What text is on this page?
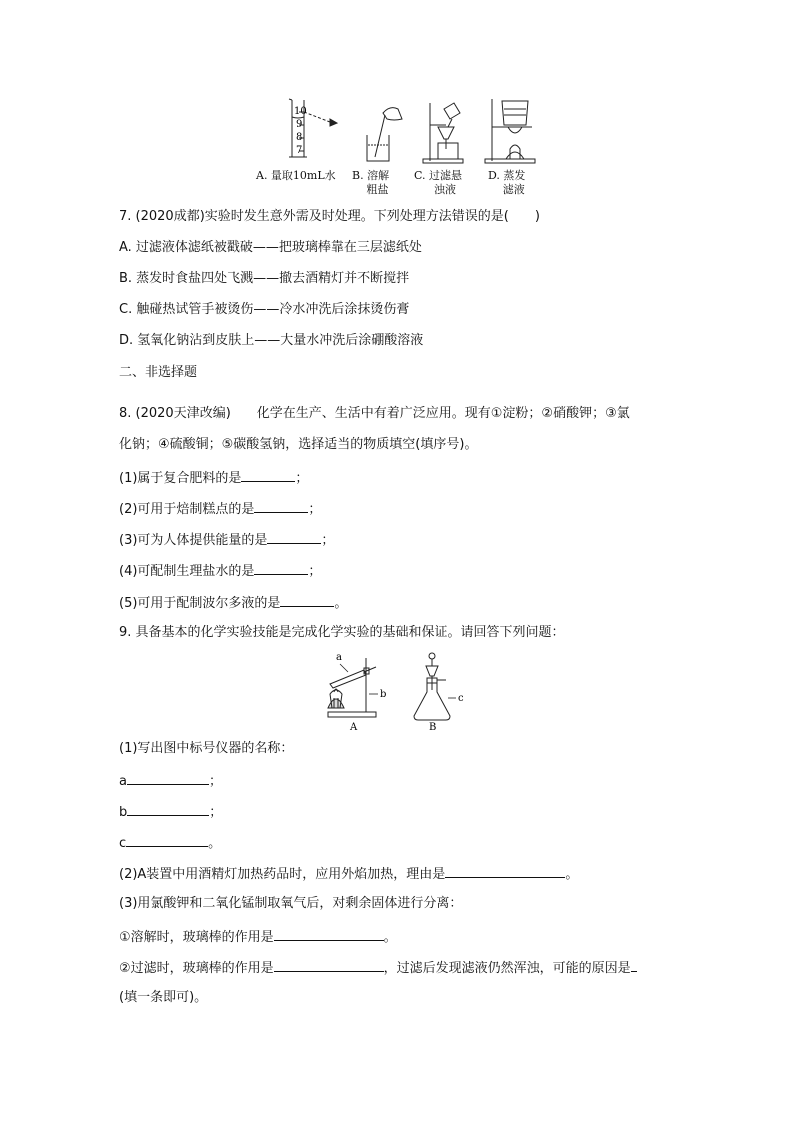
10
9
8
7
A. 量取10mL水 B. 溶解
粗盐
C. 过滤悬
浊液
D. 蒸发
滤液
7. (2020成都)实验时发生意外需及时处理。下列处理方法错误的是(　　)
A. 过滤液体滤纸被戳破——把玻璃棒靠在三层滤纸处
B. 蒸发时食盐四处飞溅——撤去酒精灯并不断搅拌
C. 触碰热试管手被烫伤——冷水冲洗后涂抹烫伤膏
D. 氢氧化钠沾到皮肤上——大量水冲洗后涂硼酸溶液
二、非选择题
8. (2020天津改编)　　化学在生产、生活中有着广泛应用。现有①淀粉；②硝酸钾；③氯
化钠；④硫酸铜；⑤碳酸氢钠，选择适当的物质填空(填序号)。
(1)属于复合肥料的是	；
(2)可用于焙制糕点的是	；
(3)可为人体提供能量的是	；
(4)可配制生理盐水的是	；
(5)可用于配制波尔多液的是	。
9. 具备基本的化学实验技能是完成化学实验的基础和保证。请回答下列问题：
a
b
A
c
B
(1)写出图中标号仪器的名称：
a	；
b	；
c	。
(2)A装置中用酒精灯加热药品时，应用外焰加热，理由是	。
(3)用氯酸钾和二氧化锰制取氧气后，对剩余固体进行分离：
①溶解时，玻璃棒的作用是	。
②过滤时，玻璃棒的作用是	，过滤后发现滤液仍然浑浊，可能的原因是
(填一条即可)。
